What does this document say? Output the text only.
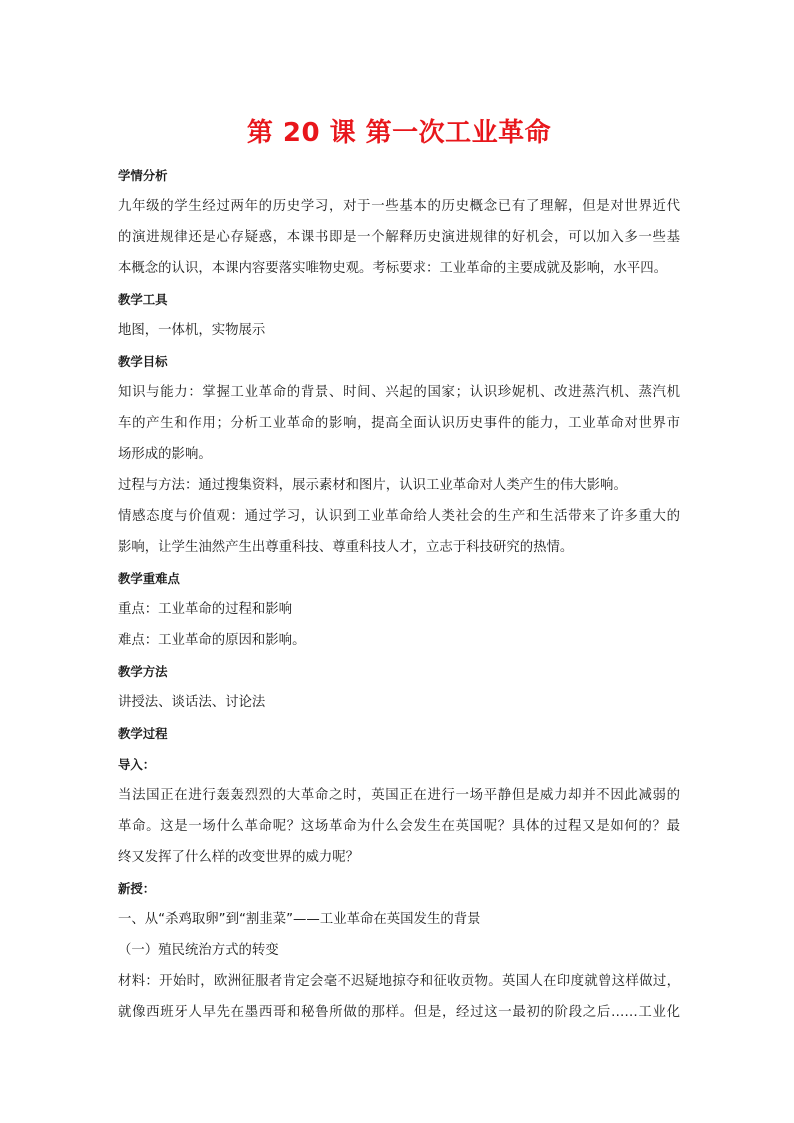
第 20 课 第一次工业革命
学情分析
九年级的学生经过两年的历史学习，对于一些基本的历史概念已有了理解，但是对世界近代
的演进规律还是心存疑惑，本课书即是一个解释历史演进规律的好机会，可以加入多一些基
本概念的认识，本课内容要落实唯物史观。考标要求：工业革命的主要成就及影响，水平四。
教学工具
地图，一体机，实物展示
教学目标
知识与能力：掌握工业革命的背景、时间、兴起的国家；认识珍妮机、改进蒸汽机、蒸汽机
车的产生和作用；分析工业革命的影响，提高全面认识历史事件的能力，工业革命对世界市
场形成的影响。
过程与方法：通过搜集资料，展示素材和图片，认识工业革命对人类产生的伟大影响。
情感态度与价值观：通过学习，认识到工业革命给人类社会的生产和生活带来了许多重大的
影响，让学生油然产生出尊重科技、尊重科技人才，立志于科技研究的热情。
教学重难点
重点：工业革命的过程和影响
难点：工业革命的原因和影响。
教学方法
讲授法、谈话法、讨论法
教学过程
导入：
当法国正在进行轰轰烈烈的大革命之时，英国正在进行一场平静但是威力却并不因此减弱的
革命。这是一场什么革命呢？这场革命为什么会发生在英国呢？具体的过程又是如何的？最
终又发挥了什么样的改变世界的威力呢？
新授：
一、从“杀鸡取卵”到“割韭菜”——工业革命在英国发生的背景
（一）殖民统治方式的转变
材料：开始时，欧洲征服者肯定会毫不迟疑地掠夺和征收贡物。英国人在印度就曾这样做过，
就像西班牙人早先在墨西哥和秘鲁所做的那样。但是，经过这一最初的阶段之后……工业化
